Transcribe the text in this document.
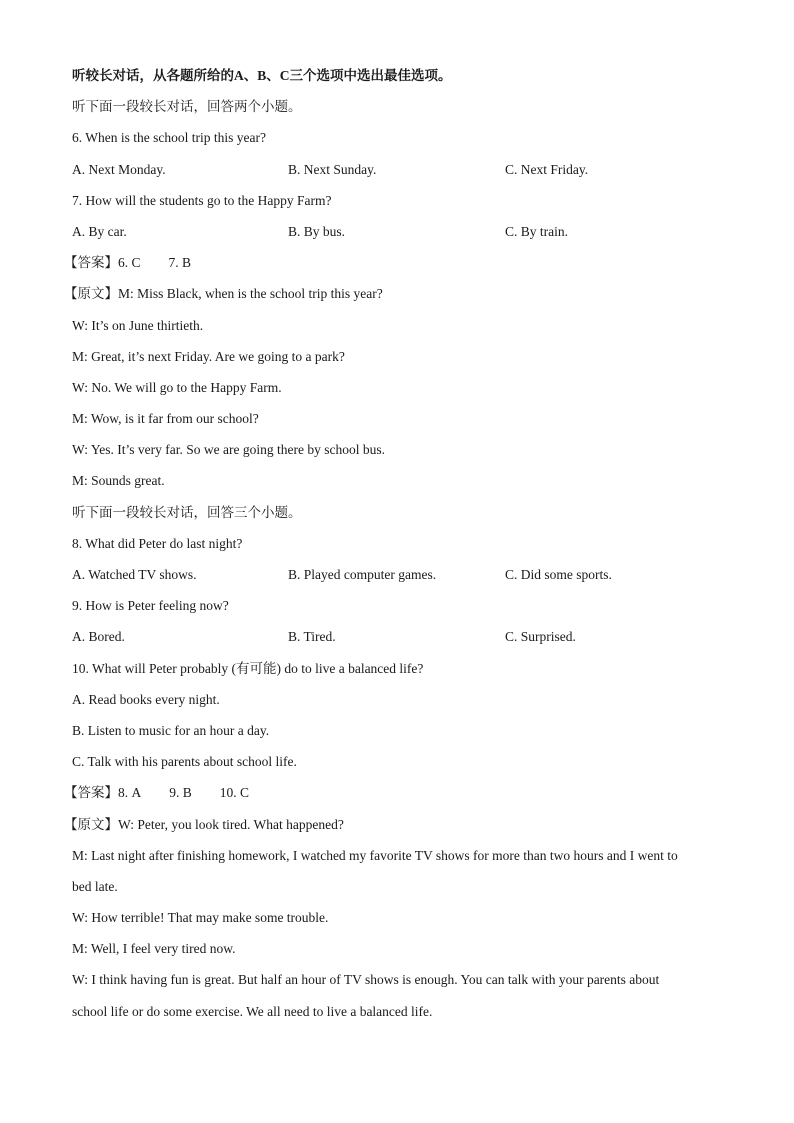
听较长对话，从各题所给的A、B、C三个选项中选出最佳选项。
听下面一段较长对话，回答两个小题。
6. When is the school trip this year?
A. Next Monday.	B. Next Sunday.	C. Next Friday.
7. How will the students go to the Happy Farm?
A. By car.	B. By bus.	C. By train.
【答案】6. C 7. B
【原文】M: Miss Black, when is the school trip this year?
W: It’s on June thirtieth.
M: Great, it’s next Friday. Are we going to a park?
W: No. We will go to the Happy Farm.
M: Wow, is it far from our school?
W: Yes. It’s very far. So we are going there by school bus.
M: Sounds great.
听下面一段较长对话，回答三个小题。
8. What did Peter do last night?
A. Watched TV shows.	B. Played computer games.	C. Did some sports.
9. How is Peter feeling now?
A. Bored.	B. Tired.	C. Surprised.
10. What will Peter probably (有可能) do to live a balanced life?
A. Read books every night.
B. Listen to music for an hour a day.
C. Talk with his parents about school life.
【答案】8. A 9. B 10. C
【原文】W: Peter, you look tired. What happened?
M: Last night after finishing homework, I watched my favorite TV shows for more than two hours and I went to
bed late.
W: How terrible! That may make some trouble.
M: Well, I feel very tired now.
W: I think having fun is great. But half an hour of TV shows is enough. You can talk with your parents about
school life or do some exercise. We all need to live a balanced life.
